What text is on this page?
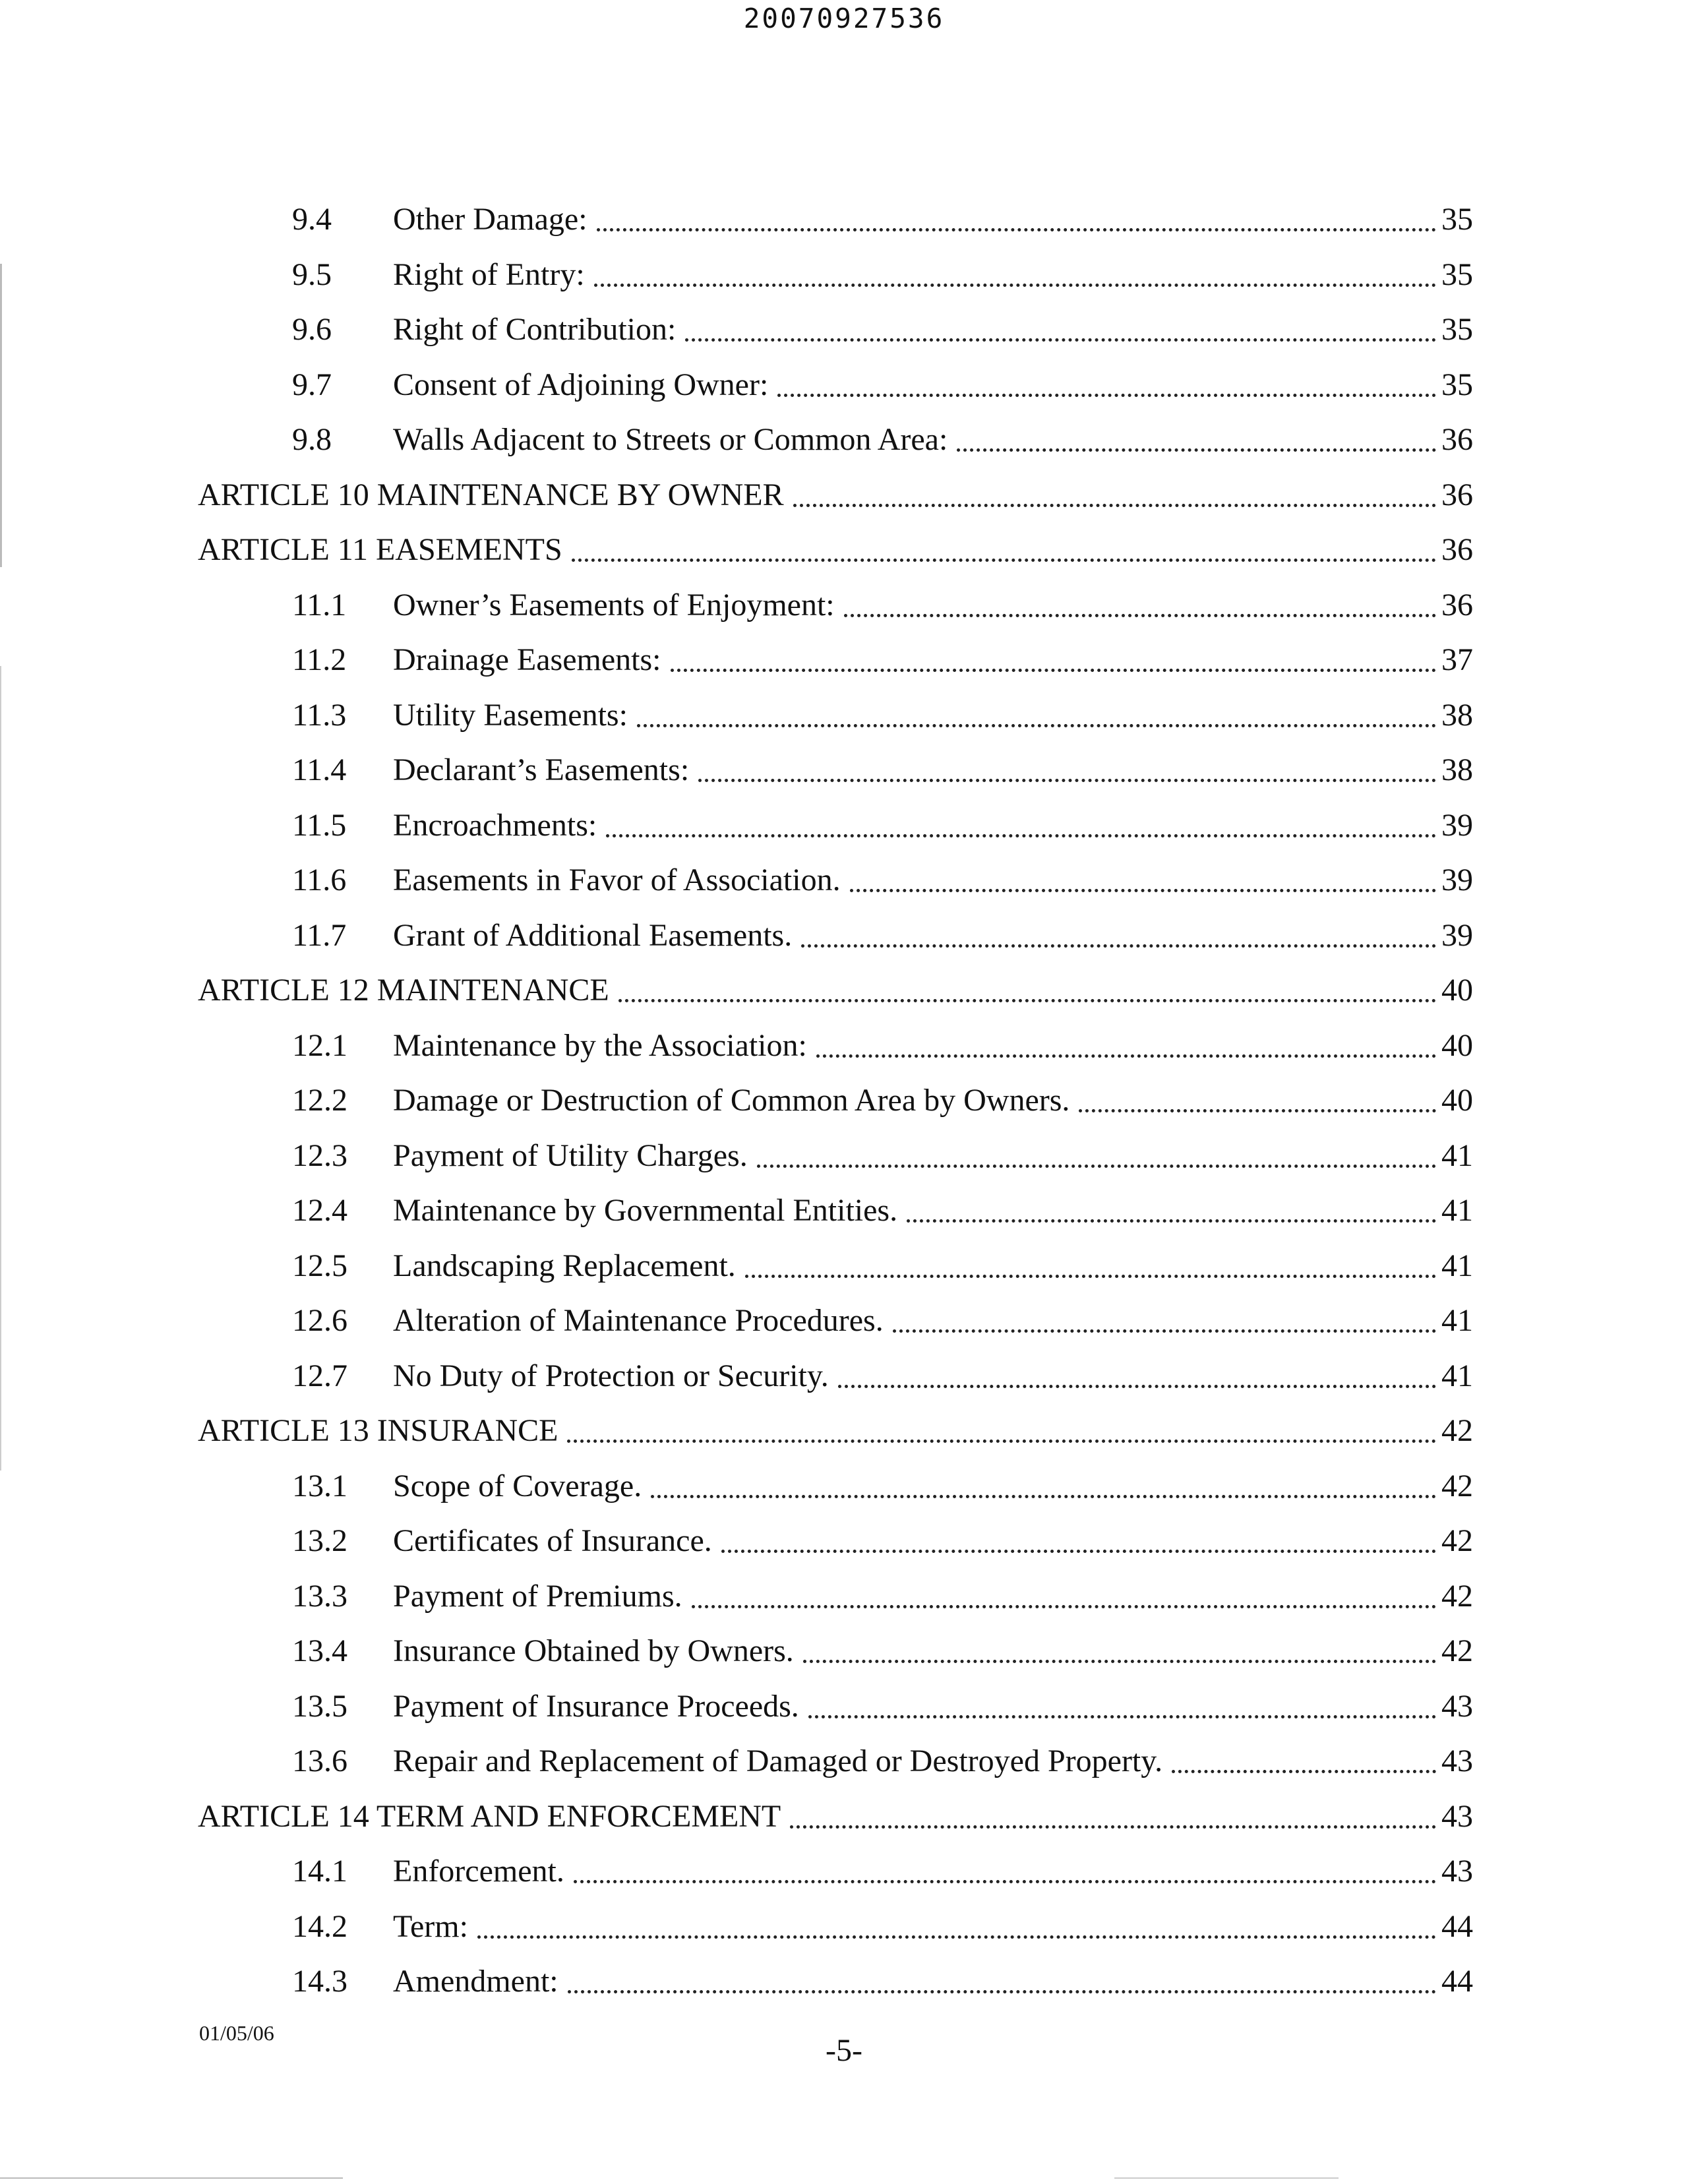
20070927536
9.4	Other Damage:	35
9.5	Right of Entry:	35
9.6	Right of Contribution:	35
9.7	Consent of Adjoining Owner:	35
9.8	Walls Adjacent to Streets or Common Area:	36
ARTICLE 10 MAINTENANCE BY OWNER	36
ARTICLE 11 EASEMENTS	36
11.1	Owner’s Easements of Enjoyment:	36
11.2	Drainage Easements:	37
11.3	Utility Easements:	38
11.4	Declarant’s Easements:	38
11.5	Encroachments:	39
11.6	Easements in Favor of Association.	39
11.7	Grant of Additional Easements.	39
ARTICLE 12 MAINTENANCE	40
12.1	Maintenance by the Association:	40
12.2	Damage or Destruction of Common Area by Owners.	40
12.3	Payment of Utility Charges.	41
12.4	Maintenance by Governmental Entities.	41
12.5	Landscaping Replacement.	41
12.6	Alteration of Maintenance Procedures.	41
12.7	No Duty of Protection or Security.	41
ARTICLE 13 INSURANCE	42
13.1	Scope of Coverage.	42
13.2	Certificates of Insurance.	42
13.3	Payment of Premiums.	42
13.4	Insurance Obtained by Owners.	42
13.5	Payment of Insurance Proceeds.	43
13.6	Repair and Replacement of Damaged or Destroyed Property.	43
ARTICLE 14 TERM AND ENFORCEMENT	43
14.1	Enforcement.	43
14.2	Term:	44
14.3	Amendment:	44
01/05/06	-5-
